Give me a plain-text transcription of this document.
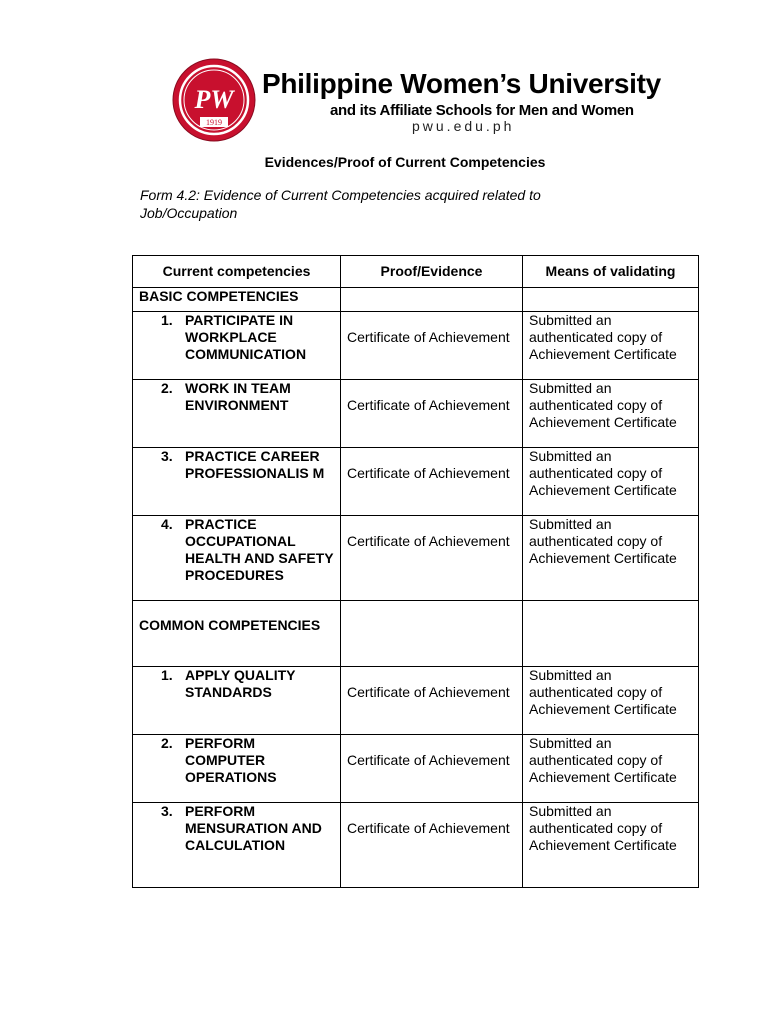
PW
1919
Philippine Women’s University
and its Affiliate Schools for Men and Women
pwu.edu.ph
Evidences/Proof of Current Competencies
Form 4.2: Evidence of Current Competencies acquired related to Job/Occupation
Current competencies	Proof/Evidence	Means of validating
BASIC COMPETENCIES		

1. PARTICIPATE IN WORKPLACE COMMUNICATION	Certificate of Achievement	Submitted an authenticated copy of Achievement Certificate

2. WORK IN TEAM ENVIRONMENT	Certificate of Achievement	Submitted an authenticated copy of Achievement Certificate

3. PRACTICE CAREER PROFESSIONALIS M	Certificate of Achievement	Submitted an authenticated copy of Achievement Certificate

4. PRACTICE OCCUPATIONAL HEALTH AND SAFETY PROCEDURES	Certificate of Achievement	Submitted an authenticated copy of Achievement Certificate
COMMON COMPETENCIES		

1. APPLY QUALITY STANDARDS	Certificate of Achievement	Submitted an authenticated copy of Achievement Certificate

2. PERFORM COMPUTER OPERATIONS	Certificate of Achievement	Submitted an authenticated copy of Achievement Certificate

3. PERFORM MENSURATION AND CALCULATION	Certificate of Achievement	Submitted an authenticated copy of Achievement Certificate
